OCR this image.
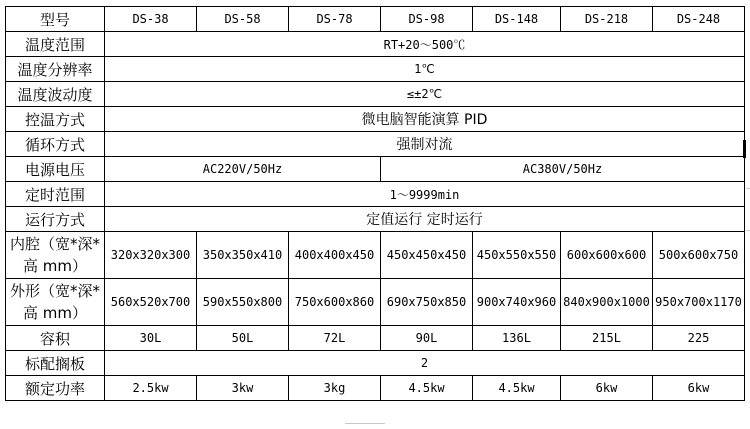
型号	DS-38	DS-58	DS-78	DS-98	DS-148	DS-218	DS-248
温度范围	RT+20～500℃						
温度分辨率	1℃						
温度波动度	≤±2℃						
控温方式	微电脑智能演算 PID						
循环方式	强制对流						
电源电压	AC220V/50Hz			AC380V/50Hz			
定时范围	1～9999min						
运行方式	定值运行 定时运行						
内腔（宽*深*高 mm）	320x320x300	350x350x410	400x400x450	450x450x450	450x550x550	600x600x600	500x600x750
外形（宽*深*高 mm）	560x520x700	590x550x800	750x600x860	690x750x850	900x740x960	840x900x1000	950x700x1170
容积	30L	50L	72L	90L	136L	215L	225
标配搁板	2						
额定功率	2.5kw	3kw	3kg	4.5kw	4.5kw	6kw	6kw
